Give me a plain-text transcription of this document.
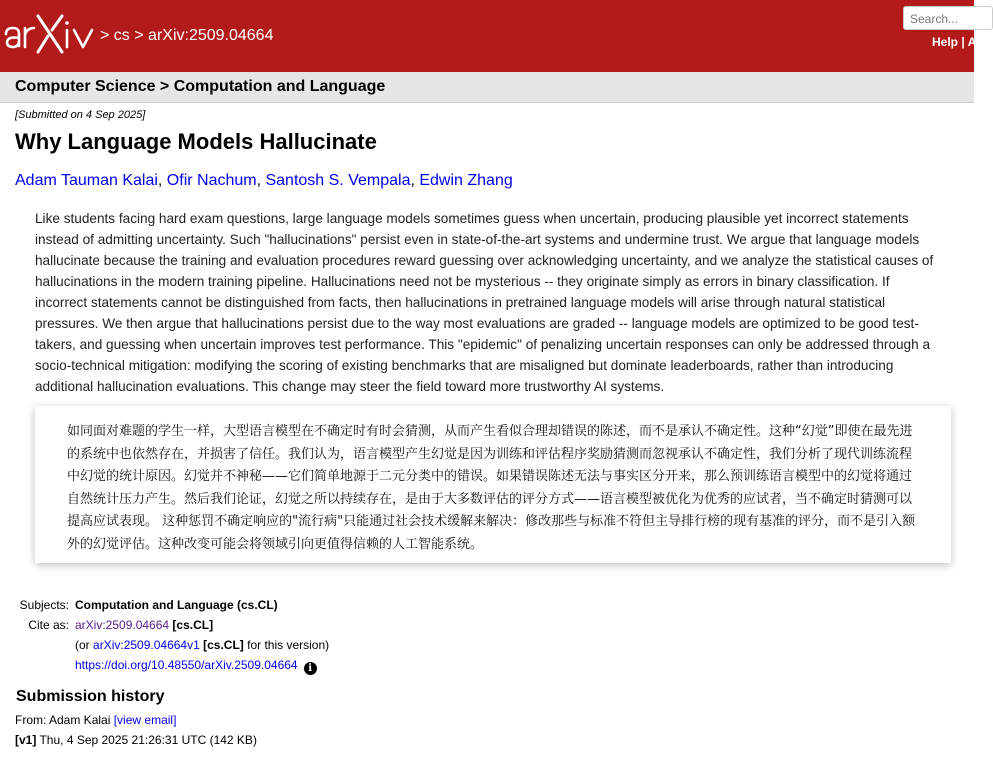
> cs > arXiv:2509.04664
Search...
Help | A
Computer Science > Computation and Language
[Submitted on 4 Sep 2025]
Why Language Models Hallucinate
Adam Tauman Kalai, Ofir Nachum, Santosh S. Vempala, Edwin Zhang

Like students facing hard exam questions, large language models sometimes guess when uncertain, producing plausible yet incorrect statements instead of admitting uncertainty. Such "hallucinations" persist even in state-of-the-art systems and undermine trust. We argue that language models hallucinate because the training and evaluation procedures reward guessing over acknowledging uncertainty, and we analyze the statistical causes of hallucinations in the modern training pipeline. Hallucinations need not be mysterious -- they originate simply as errors in binary classification. If incorrect statements cannot be distinguished from facts, then hallucinations in pretrained language models will arise through natural statistical pressures. We then argue that hallucinations persist due to the way most evaluations are graded -- language models are optimized to be good test-takers, and guessing when uncertain improves test performance. This "epidemic" of penalizing uncertain responses can only be addressed through a socio-technical mitigation: modifying the scoring of existing benchmarks that are misaligned but dominate leaderboards, rather than introducing additional hallucination evaluations. This change may steer the field toward more trustworthy AI systems.

如同面对难题的学生一样，大型语言模型在不确定时有时会猜测，从而产生看似合理却错误的陈述，而不是承认不确定性。这种“幻觉”即使在最先进的系统中也依然存在，并损害了信任。我们认为，语言模型产生幻觉是因为训练和评估程序奖励猜测而忽视承认不确定性，我们分析了现代训练流程中幻觉的统计原因。幻觉并不神秘——它们简单地源于二元分类中的错误。如果错误陈述无法与事实区分开来，那么预训练语言模型中的幻觉将通过自然统计压力产生。然后我们论证，幻觉之所以持续存在，是由于大多数评估的评分方式——语言模型被优化为优秀的应试者，当不确定时猜测可以提高应试表现。 这种惩罚不确定响应的"流行病"只能通过社会技术缓解来解决：修改那些与标准不符但主导排行榜的现有基准的评分，而不是引入额外的幻觉评估。这种改变可能会将领域引向更值得信赖的人工智能系统。

Subjects: Computation and Language (cs.CL)
Cite as: arXiv:2509.04664 [cs.CL]
(or arXiv:2509.04664v1 [cs.CL] for this version)
https://doi.org/10.48550/arXiv.2509.04664 i
Submission history
From: Adam Kalai [view email]
[v1] Thu, 4 Sep 2025 21:26:31 UTC (142 KB)
